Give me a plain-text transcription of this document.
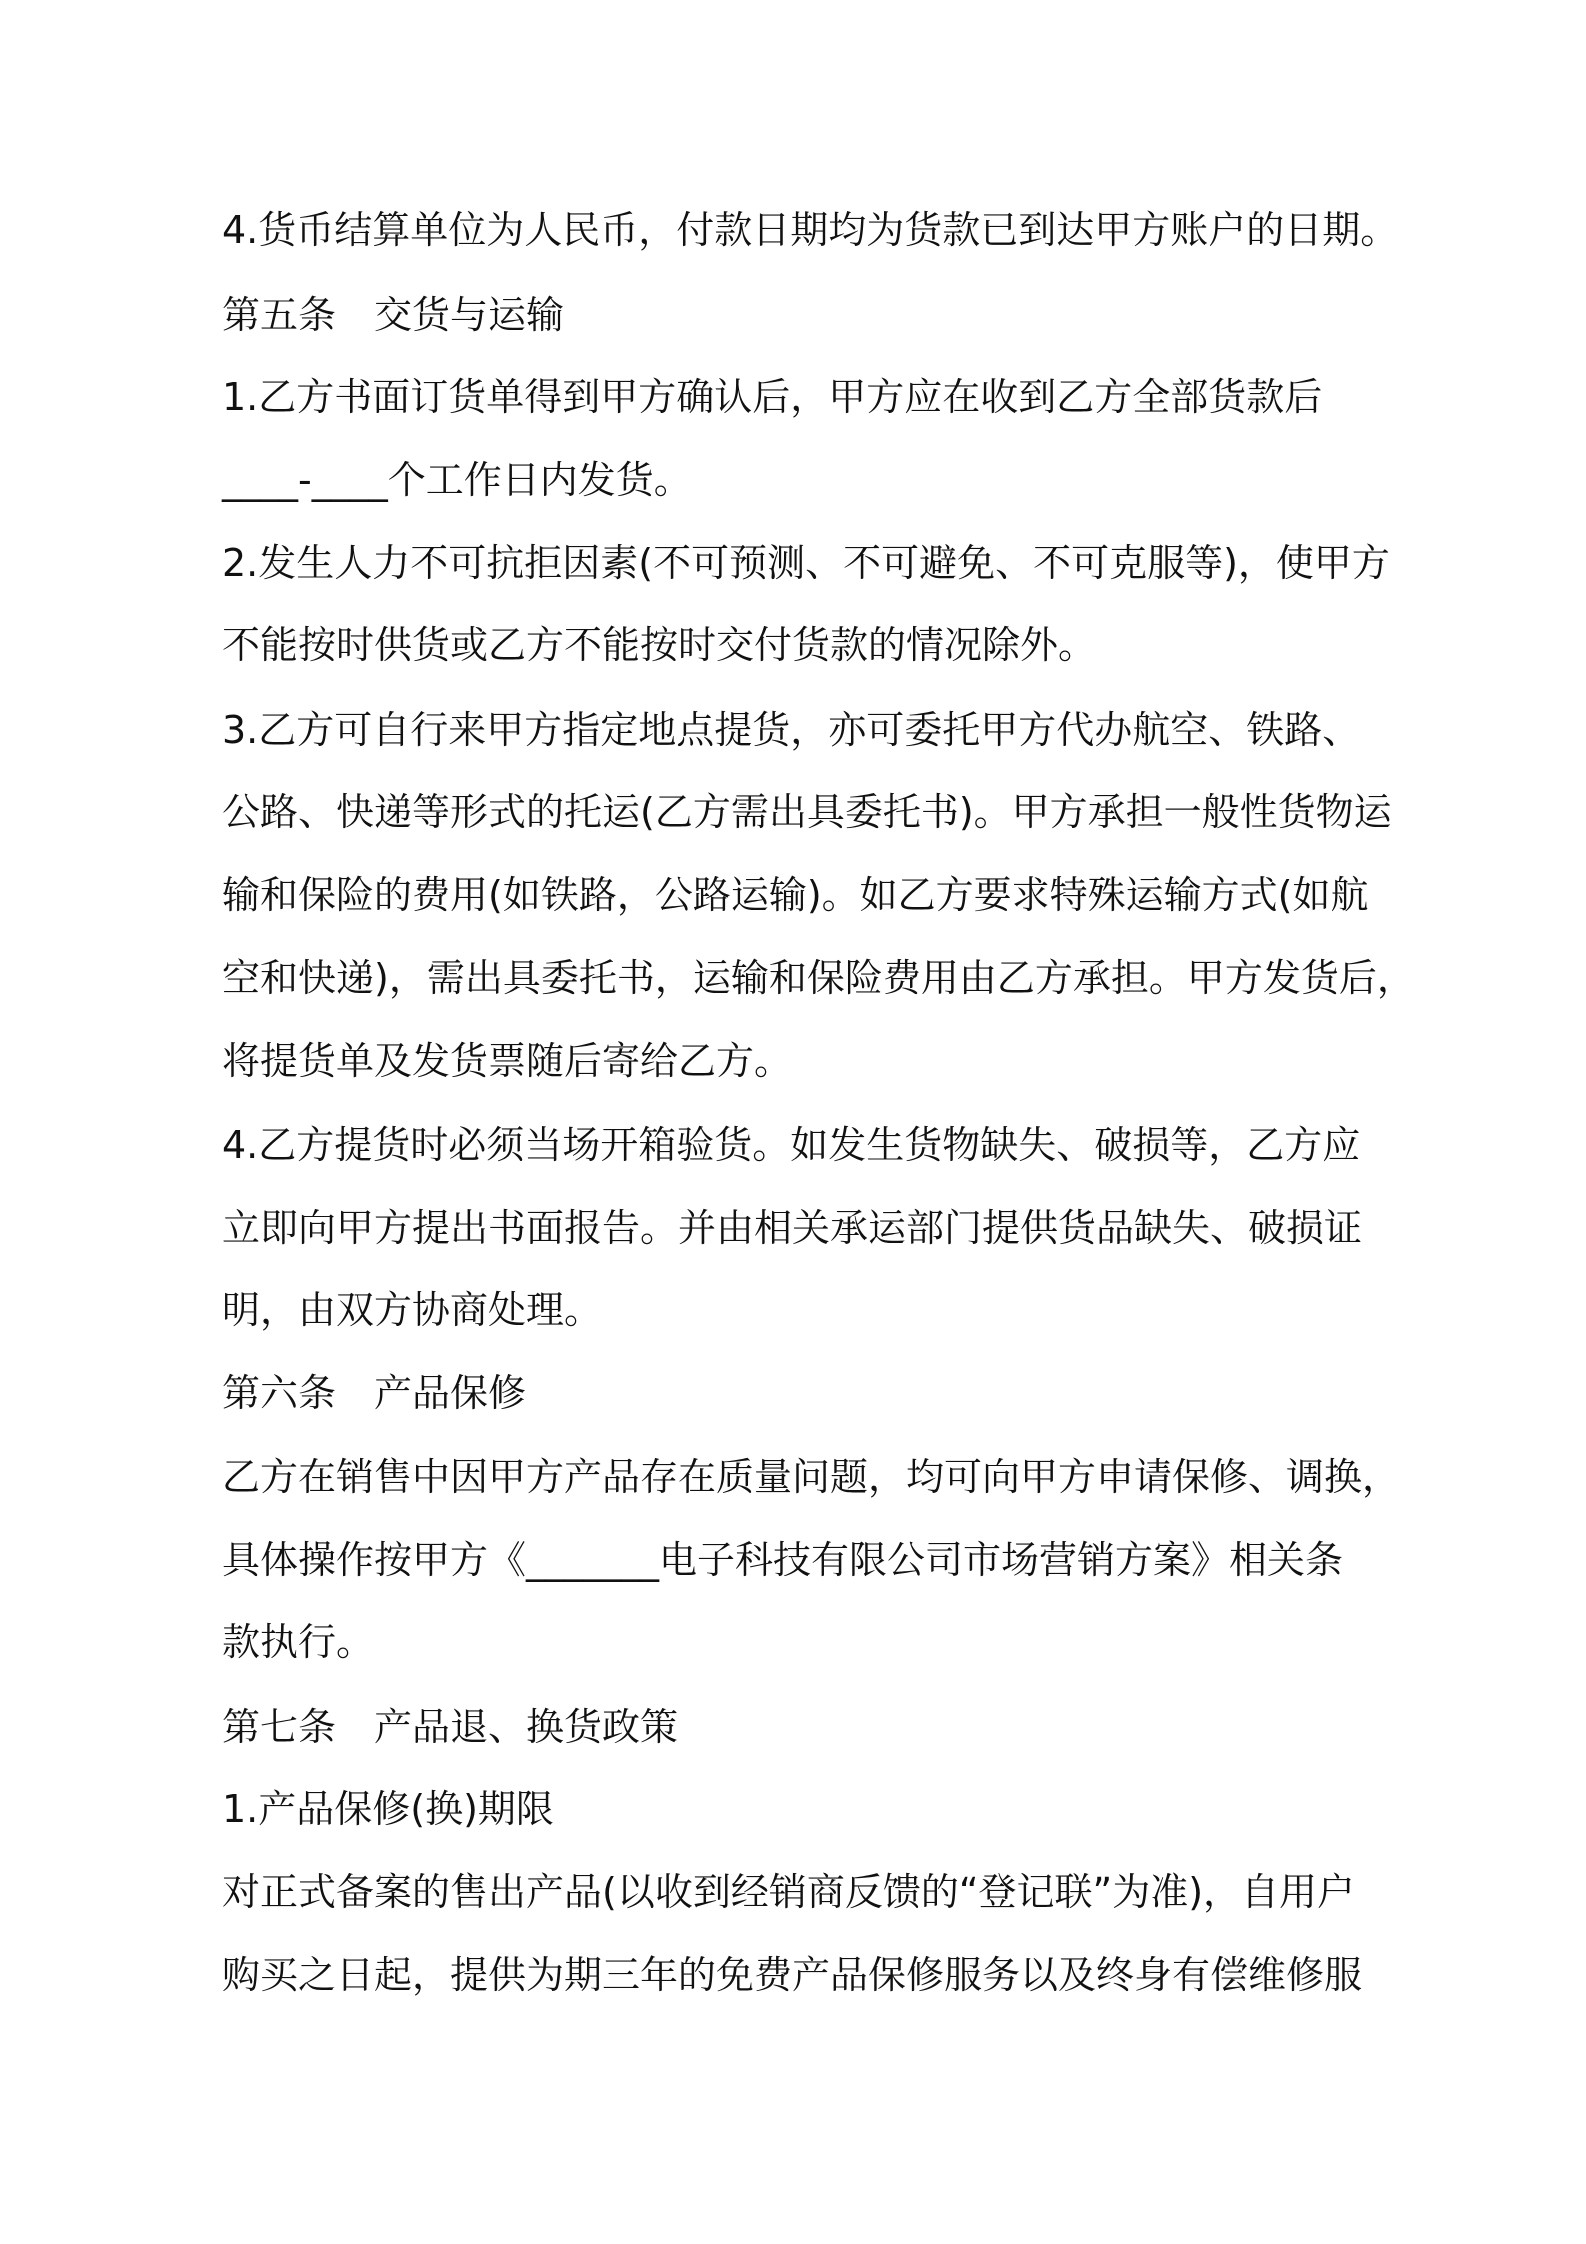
4.货币结算单位为人民币，付款日期均为货款已到达甲方账户的日期。

第五条　交货与运输

1.乙方书面订货单得到甲方确认后，甲方应在收到乙方全部货款后

____-____个工作日内发货。

2.发生人力不可抗拒因素(不可预测、不可避免、不可克服等)，使甲方

不能按时供货或乙方不能按时交付货款的情况除外。

3.乙方可自行来甲方指定地点提货，亦可委托甲方代办航空、铁路、

公路、快递等形式的托运(乙方需出具委托书)。甲方承担一般性货物运

输和保险的费用(如铁路，公路运输)。如乙方要求特殊运输方式(如航

空和快递)，需出具委托书，运输和保险费用由乙方承担。甲方发货后，

将提货单及发货票随后寄给乙方。

4.乙方提货时必须当场开箱验货。如发生货物缺失、破损等，乙方应

立即向甲方提出书面报告。并由相关承运部门提供货品缺失、破损证

明，由双方协商处理。

第六条　产品保修

乙方在销售中因甲方产品存在质量问题，均可向甲方申请保修、调换，

具体操作按甲方《_______电子科技有限公司市场营销方案》相关条

款执行。

第七条　产品退、换货政策

1.产品保修(换)期限

对正式备案的售出产品(以收到经销商反馈的“登记联”为准)，自用户

购买之日起，提供为期三年的免费产品保修服务以及终身有偿维修服
